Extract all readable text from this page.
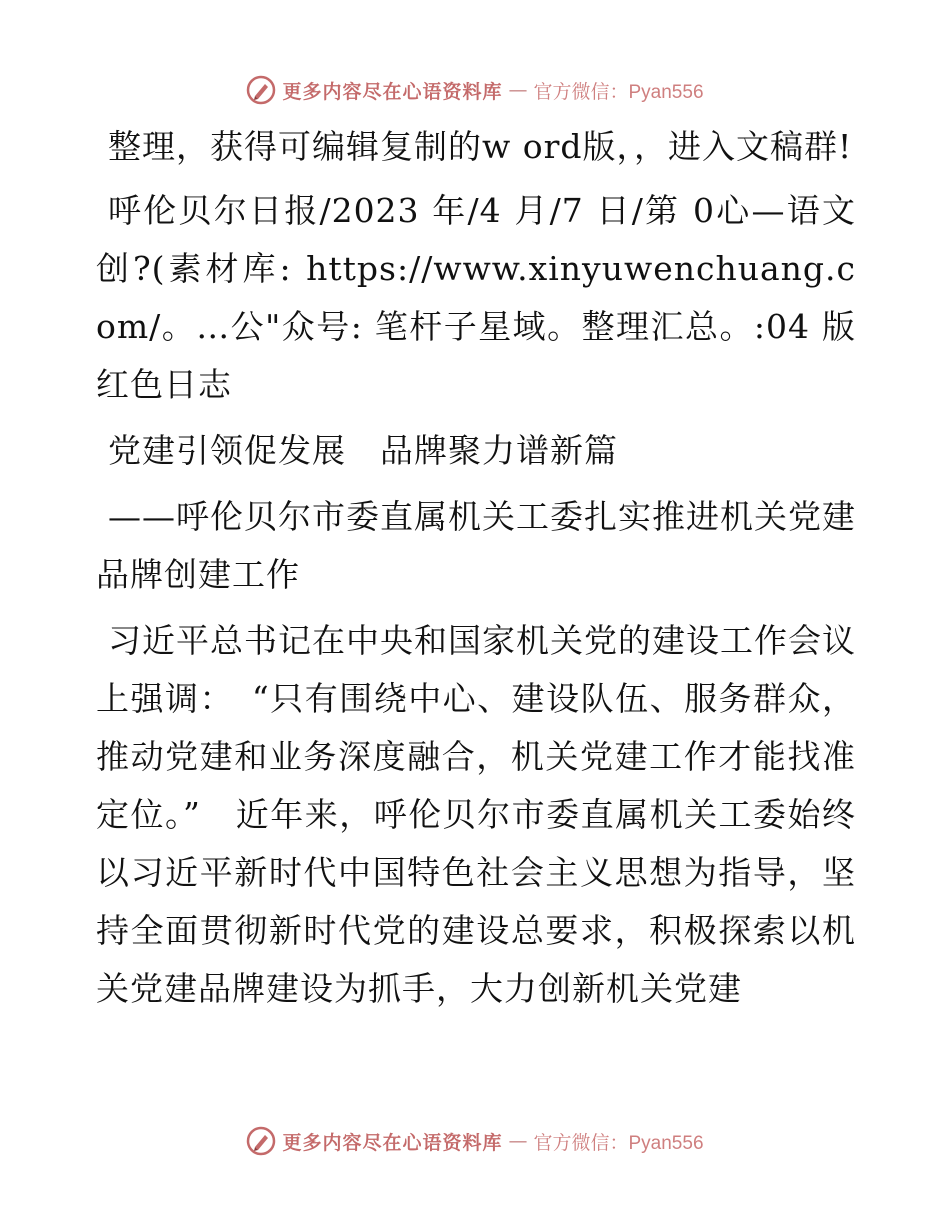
更多内容尽在心语资料库 — 官方微信：Pyan556

整理，获得可编辑复制的w ord版，，进入文稿群!

呼伦贝尔日报/2023 年/4 月/7 日/第 0心—语文创?(素材库: https://www.xinyuwenchuang.com/。…公"众号: 笔杆子星域。整理汇总。:04 版红色日志

党建引领促发展　品牌聚力谱新篇

——呼伦贝尔市委直属机关工委扎实推进机关党建品牌创建工作

习近平总书记在中央和国家机关党的建设工作会议上强调：　“只有围绕中心、建设队伍、服务群众，推动党建和业务深度融合，机关党建工作才能找准定位。”　近年来，呼伦贝尔市委直属机关工委始终以习近平新时代中国特色社会主义思想为指导，坚持全面贯彻新时代党的建设总要求，积极探索以机关党建品牌建设为抓手，大力创新机关党建

更多内容尽在心语资料库 — 官方微信：Pyan556
